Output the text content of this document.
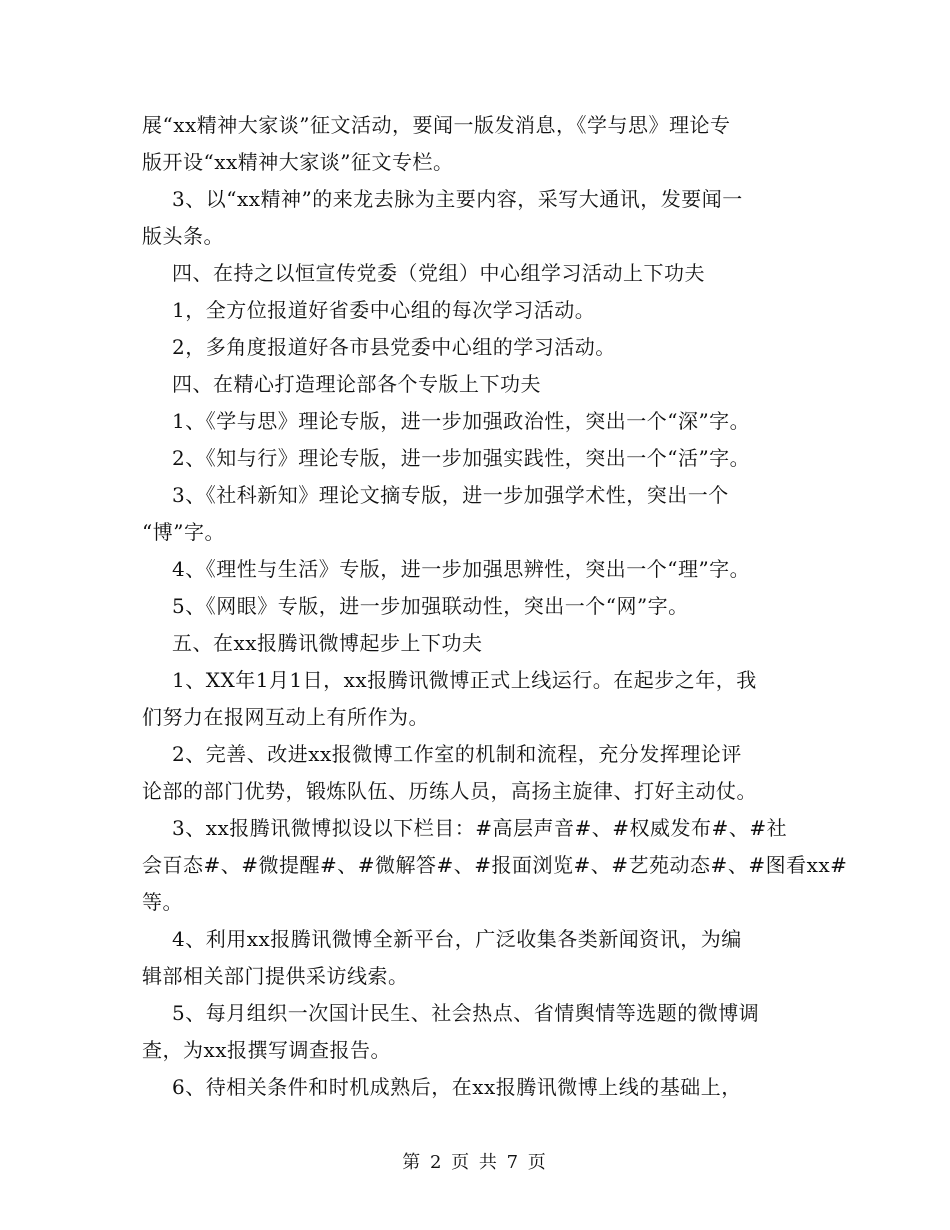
展“xx精神大家谈”征文活动，要闻一版发消息，《学与思》理论专
版开设“xx精神大家谈”征文专栏。
3、以“xx精神”的来龙去脉为主要内容，采写大通讯，发要闻一
版头条。
四、在持之以恒宣传党委（党组）中心组学习活动上下功夫
1，全方位报道好省委中心组的每次学习活动。
2，多角度报道好各市县党委中心组的学习活动。
四、在精心打造理论部各个专版上下功夫
1、《学与思》理论专版，进一步加强政治性，突出一个“深”字。
2、《知与行》理论专版，进一步加强实践性，突出一个“活”字。
3、《社科新知》理论文摘专版，进一步加强学术性，突出一个
“博”字。
4、《理性与生活》专版，进一步加强思辨性，突出一个“理”字。
5、《网眼》专版，进一步加强联动性，突出一个“网”字。
五、在xx报腾讯微博起步上下功夫
1、XX年1月1日，xx报腾讯微博正式上线运行。在起步之年，我
们努力在报网互动上有所作为。
2、完善、改进xx报微博工作室的机制和流程，充分发挥理论评
论部的部门优势，锻炼队伍、历练人员，高扬主旋律、打好主动仗。
3、xx报腾讯微博拟设以下栏目：#高层声音#、#权威发布#、#社
会百态#、#微提醒#、#微解答#、#报面浏览#、#艺苑动态#、#图看xx#
等。
4、利用xx报腾讯微博全新平台，广泛收集各类新闻资讯，为编
辑部相关部门提供采访线索。
5、每月组织一次国计民生、社会热点、省情舆情等选题的微博调
查，为xx报撰写调查报告。
6、待相关条件和时机成熟后，在xx报腾讯微博上线的基础上，
第 2 页 共 7 页
